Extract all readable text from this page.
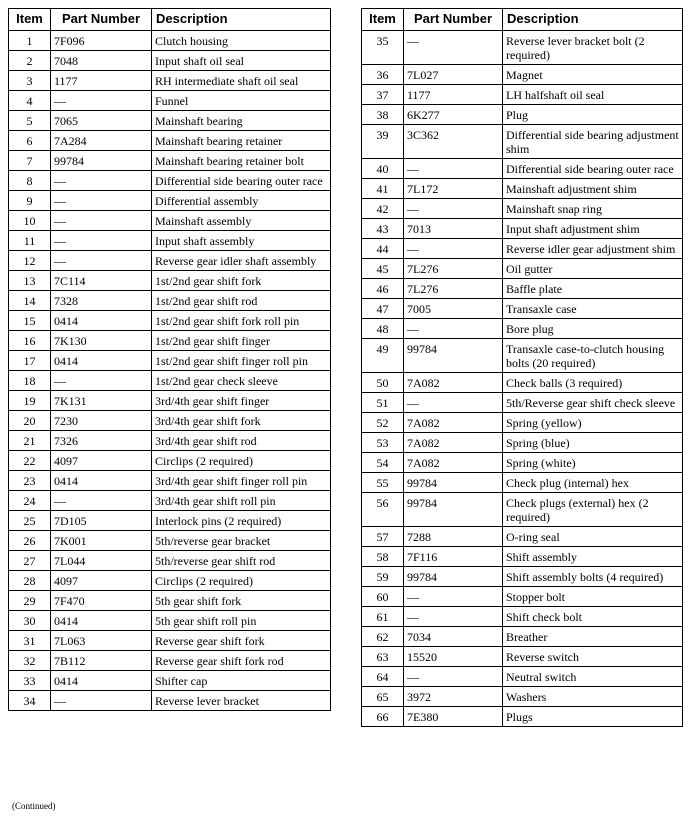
Item	Part Number	Description
1	7F096	Clutch housing
2	7048	Input shaft oil seal
3	1177	RH intermediate shaft oil seal
4	—	Funnel
5	7065	Mainshaft bearing
6	7A284	Mainshaft bearing retainer
7	99784	Mainshaft bearing retainer bolt
8	—	Differential side bearing outer race
9	—	Differential assembly
10	—	Mainshaft assembly
11	—	Input shaft assembly
12	—	Reverse gear idler shaft assembly
13	7C114	1st/2nd gear shift fork
14	7328	1st/2nd gear shift rod
15	0414	1st/2nd gear shift fork roll pin
16	7K130	1st/2nd gear shift finger
17	0414	1st/2nd gear shift finger roll pin
18	—	1st/2nd gear check sleeve
19	7K131	3rd/4th gear shift finger
20	7230	3rd/4th gear shift fork
21	7326	3rd/4th gear shift rod
22	4097	Circlips (2 required)
23	0414	3rd/4th gear shift finger roll pin
24	—	3rd/4th gear shift roll pin
25	7D105	Interlock pins (2 required)
26	7K001	5th/reverse gear bracket
27	7L044	5th/reverse gear shift rod
28	4097	Circlips (2 required)
29	7F470	5th gear shift fork
30	0414	5th gear shift roll pin
31	7L063	Reverse gear shift fork
32	7B112	Reverse gear shift fork rod
33	0414	Shifter cap
34	—	Reverse lever bracket
Item	Part Number	Description
35	—	Reverse lever bracket bolt (2 required)
36	7L027	Magnet
37	1177	LH halfshaft oil seal
38	6K277	Plug
39	3C362	Differential side bearing adjustment shim
40	—	Differential side bearing outer race
41	7L172	Mainshaft adjustment shim
42	—	Mainshaft snap ring
43	7013	Input shaft adjustment shim
44	—	Reverse idler gear adjustment shim
45	7L276	Oil gutter
46	7L276	Baffle plate
47	7005	Transaxle case
48	—	Bore plug
49	99784	Transaxle case-to-clutch housing bolts (20 required)
50	7A082	Check balls (3 required)
51	—	5th/Reverse gear shift check sleeve
52	7A082	Spring (yellow)
53	7A082	Spring (blue)
54	7A082	Spring (white)
55	99784	Check plug (internal) hex
56	99784	Check plugs (external) hex (2 required)
57	7288	O-ring seal
58	7F116	Shift assembly
59	99784	Shift assembly bolts (4 required)
60	—	Stopper bolt
61	—	Shift check bolt
62	7034	Breather
63	15520	Reverse switch
64	—	Neutral switch
65	3972	Washers
66	7E380	Plugs
(Continued)
